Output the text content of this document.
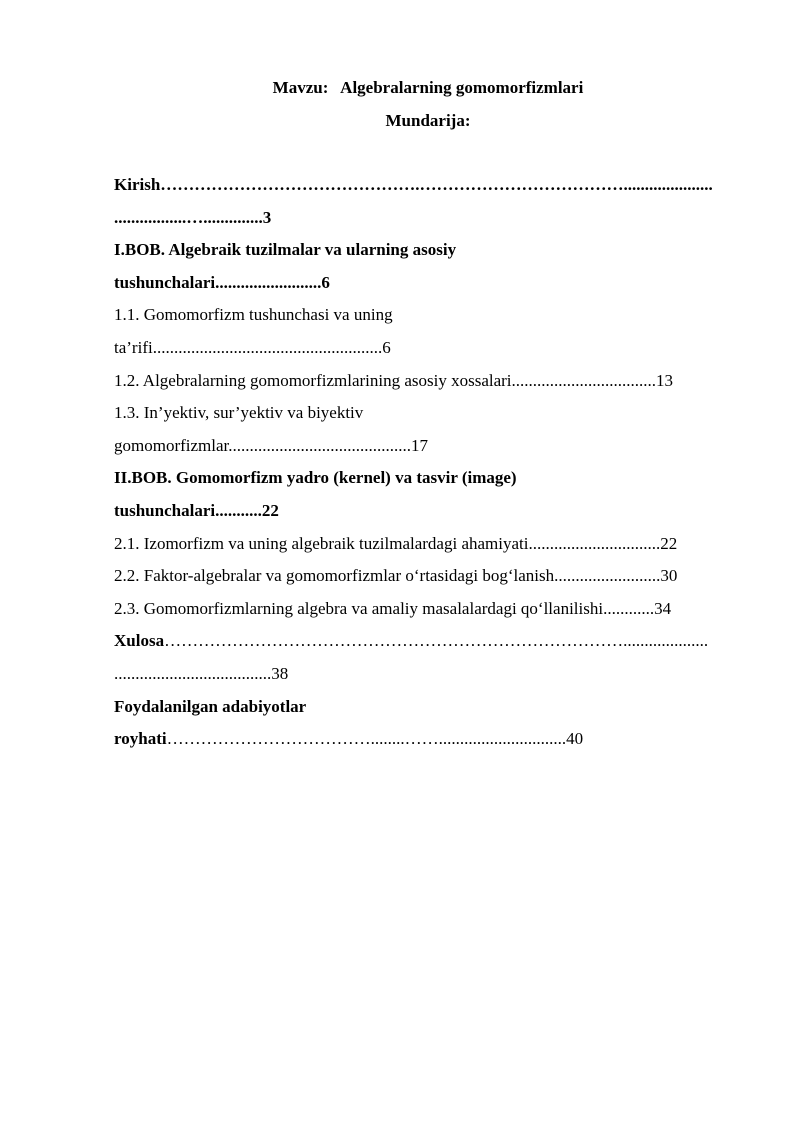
Mavzu:   Algebralarning gomomorfizmlari
Mundarija:
Kirish……………………………………….……………………………….....................
.................…..............3
I.BOB. Algebraik tuzilmalar va ularning asosiy
tushunchalari.........................6
1.1. Gomomorfizm tushunchasi va uning
ta’rifi......................................................6
1.2. Algebralarning gomomorfizmlarining asosiy xossalari..................................13
1.3. In’yektiv, sur’yektiv va biyektiv
gomomorfizmlar...........................................17
II.BOB. Gomomorfizm yadro (kernel) va tasvir (image)
tushunchalari...........22
2.1. Izomorfizm va uning algebraik tuzilmalardagi ahamiyati...............................22
2.2. Faktor-algebralar va gomomorfizmlar oʻrtasidagi bogʻlanish.........................30
2.3. Gomomorfizmlarning algebra va amaliy masalalardagi qoʻllanilishi............34
Xulosa………………………………………………………………………....................
.....................................38
Foydalanilgan adabiyotlar
royhati………………………………........……..............................40
